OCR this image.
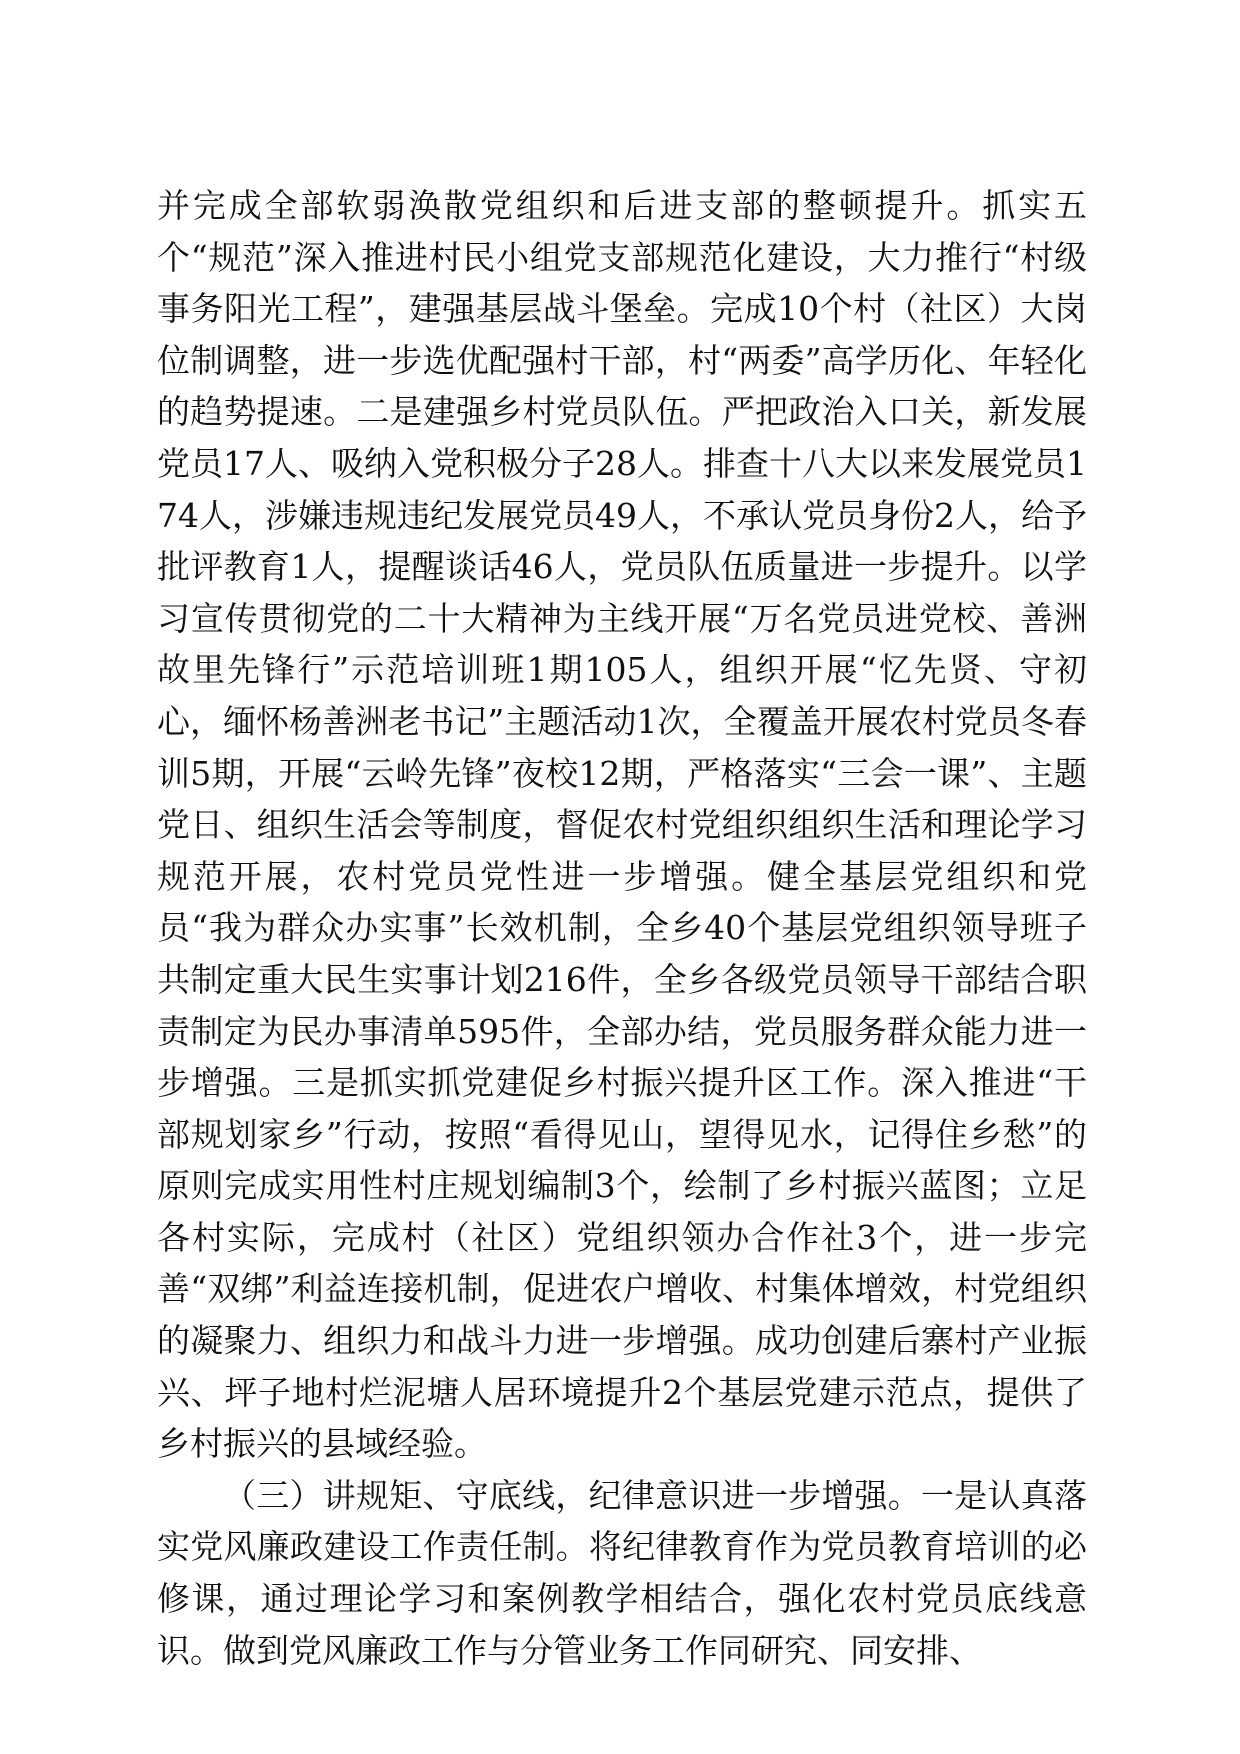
并完成全部软弱涣散党组织和后进支部的整顿提升。抓实五个“规范”深入推进村民小组党支部规范化建设，大力推行“村级事务阳光工程”，建强基层战斗堡垒。完成10个村（社区）大岗位制调整，进一步选优配强村干部，村“两委”高学历化、年轻化的趋势提速。二是建强乡村党员队伍。严把政治入口关，新发展党员17人、吸纳入党积极分子28人。排查十八大以来发展党员174人，涉嫌违规违纪发展党员49人，不承认党员身份2人，给予批评教育1人，提醒谈话46人，党员队伍质量进一步提升。以学习宣传贯彻党的二十大精神为主线开展“万名党员进党校、善洲故里先锋行”示范培训班1期105人，组织开展“忆先贤、守初心，缅怀杨善洲老书记”主题活动1次，全覆盖开展农村党员冬春训5期，开展“云岭先锋”夜校12期，严格落实“三会一课”、主题党日、组织生活会等制度，督促农村党组织组织生活和理论学习规范开展，农村党员党性进一步增强。健全基层党组织和党员“我为群众办实事”长效机制，全乡40个基层党组织领导班子共制定重大民生实事计划216件，全乡各级党员领导干部结合职责制定为民办事清单595件，全部办结，党员服务群众能力进一步增强。三是抓实抓党建促乡村振兴提升区工作。深入推进“干部规划家乡”行动，按照“看得见山，望得见水，记得住乡愁”的原则完成实用性村庄规划编制3个，绘制了乡村振兴蓝图；立足各村实际，完成村（社区）党组织领办合作社3个，进一步完善“双绑”利益连接机制，促进农户增收、村集体增效，村党组织的凝聚力、组织力和战斗力进一步增强。成功创建后寨村产业振兴、坪子地村烂泥塘人居环境提升2个基层党建示范点，提供了乡村振兴的县域经验。

（三）讲规矩、守底线，纪律意识进一步增强。一是认真落实党风廉政建设工作责任制。将纪律教育作为党员教育培训的必修课，通过理论学习和案例教学相结合，强化农村党员底线意识。做到党风廉政工作与分管业务工作同研究、同安排、
